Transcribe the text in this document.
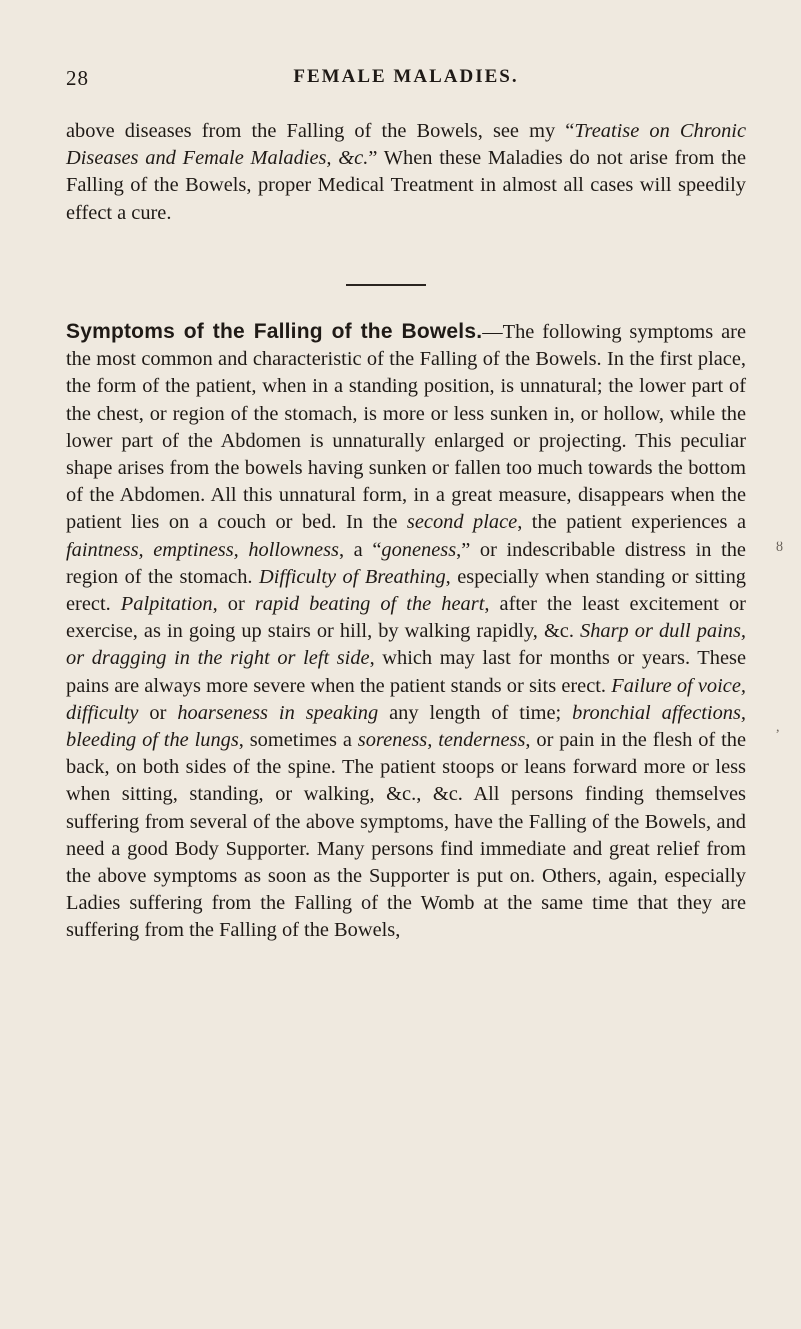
28	FEMALE MALADIES.

above diseases from the Falling of the Bowels, see my “Treatise on Chronic Diseases and Female Maladies, &c.” When these Maladies do not arise from the Falling of the Bowels, proper Medical Treatment in almost all cases will speedily effect a cure.

Symptoms of the Falling of the Bowels.—The following symptoms are the most common and characteristic of the Falling of the Bowels. In the first place, the form of the patient, when in a standing position, is unnatural; the lower part of the chest, or region of the stomach, is more or less sunken in, or hollow, while the lower part of the Abdomen is unnaturally enlarged or projecting. This peculiar shape arises from the bowels having sunken or fallen too much towards the bottom of the Abdomen. All this unnatural form, in a great measure, disappears when the patient lies on a couch or bed. In the second place, the patient experiences a faintness, emptiness, hollowness, a “goneness,” or indescribable distress in the region of the stomach. Difficulty of Breathing, especially when standing or sitting erect. Palpitation, or rapid beating of the heart, after the least excitement or exercise, as in going up stairs or hill, by walking rapidly, &c. Sharp or dull pains, or dragging in the right or left side, which may last for months or years. These pains are always more severe when the patient stands or sits erect. Failure of voice, difficulty or hoarseness in speaking any length of time; bronchial affections, bleeding of the lungs, sometimes a soreness, tenderness, or pain in the flesh of the back, on both sides of the spine. The patient stoops or leans forward more or less when sitting, standing, or walking, &c., &c. All persons finding themselves suffering from several of the above symptoms, have the Falling of the Bowels, and need a good Body Supporter. Many persons find immediate and great relief from the above symptoms as soon as the Supporter is put on. Others, again, especially Ladies suffering from the Falling of the Womb at the same time that they are suffering from the Falling of the Bowels,

ȣ
,
